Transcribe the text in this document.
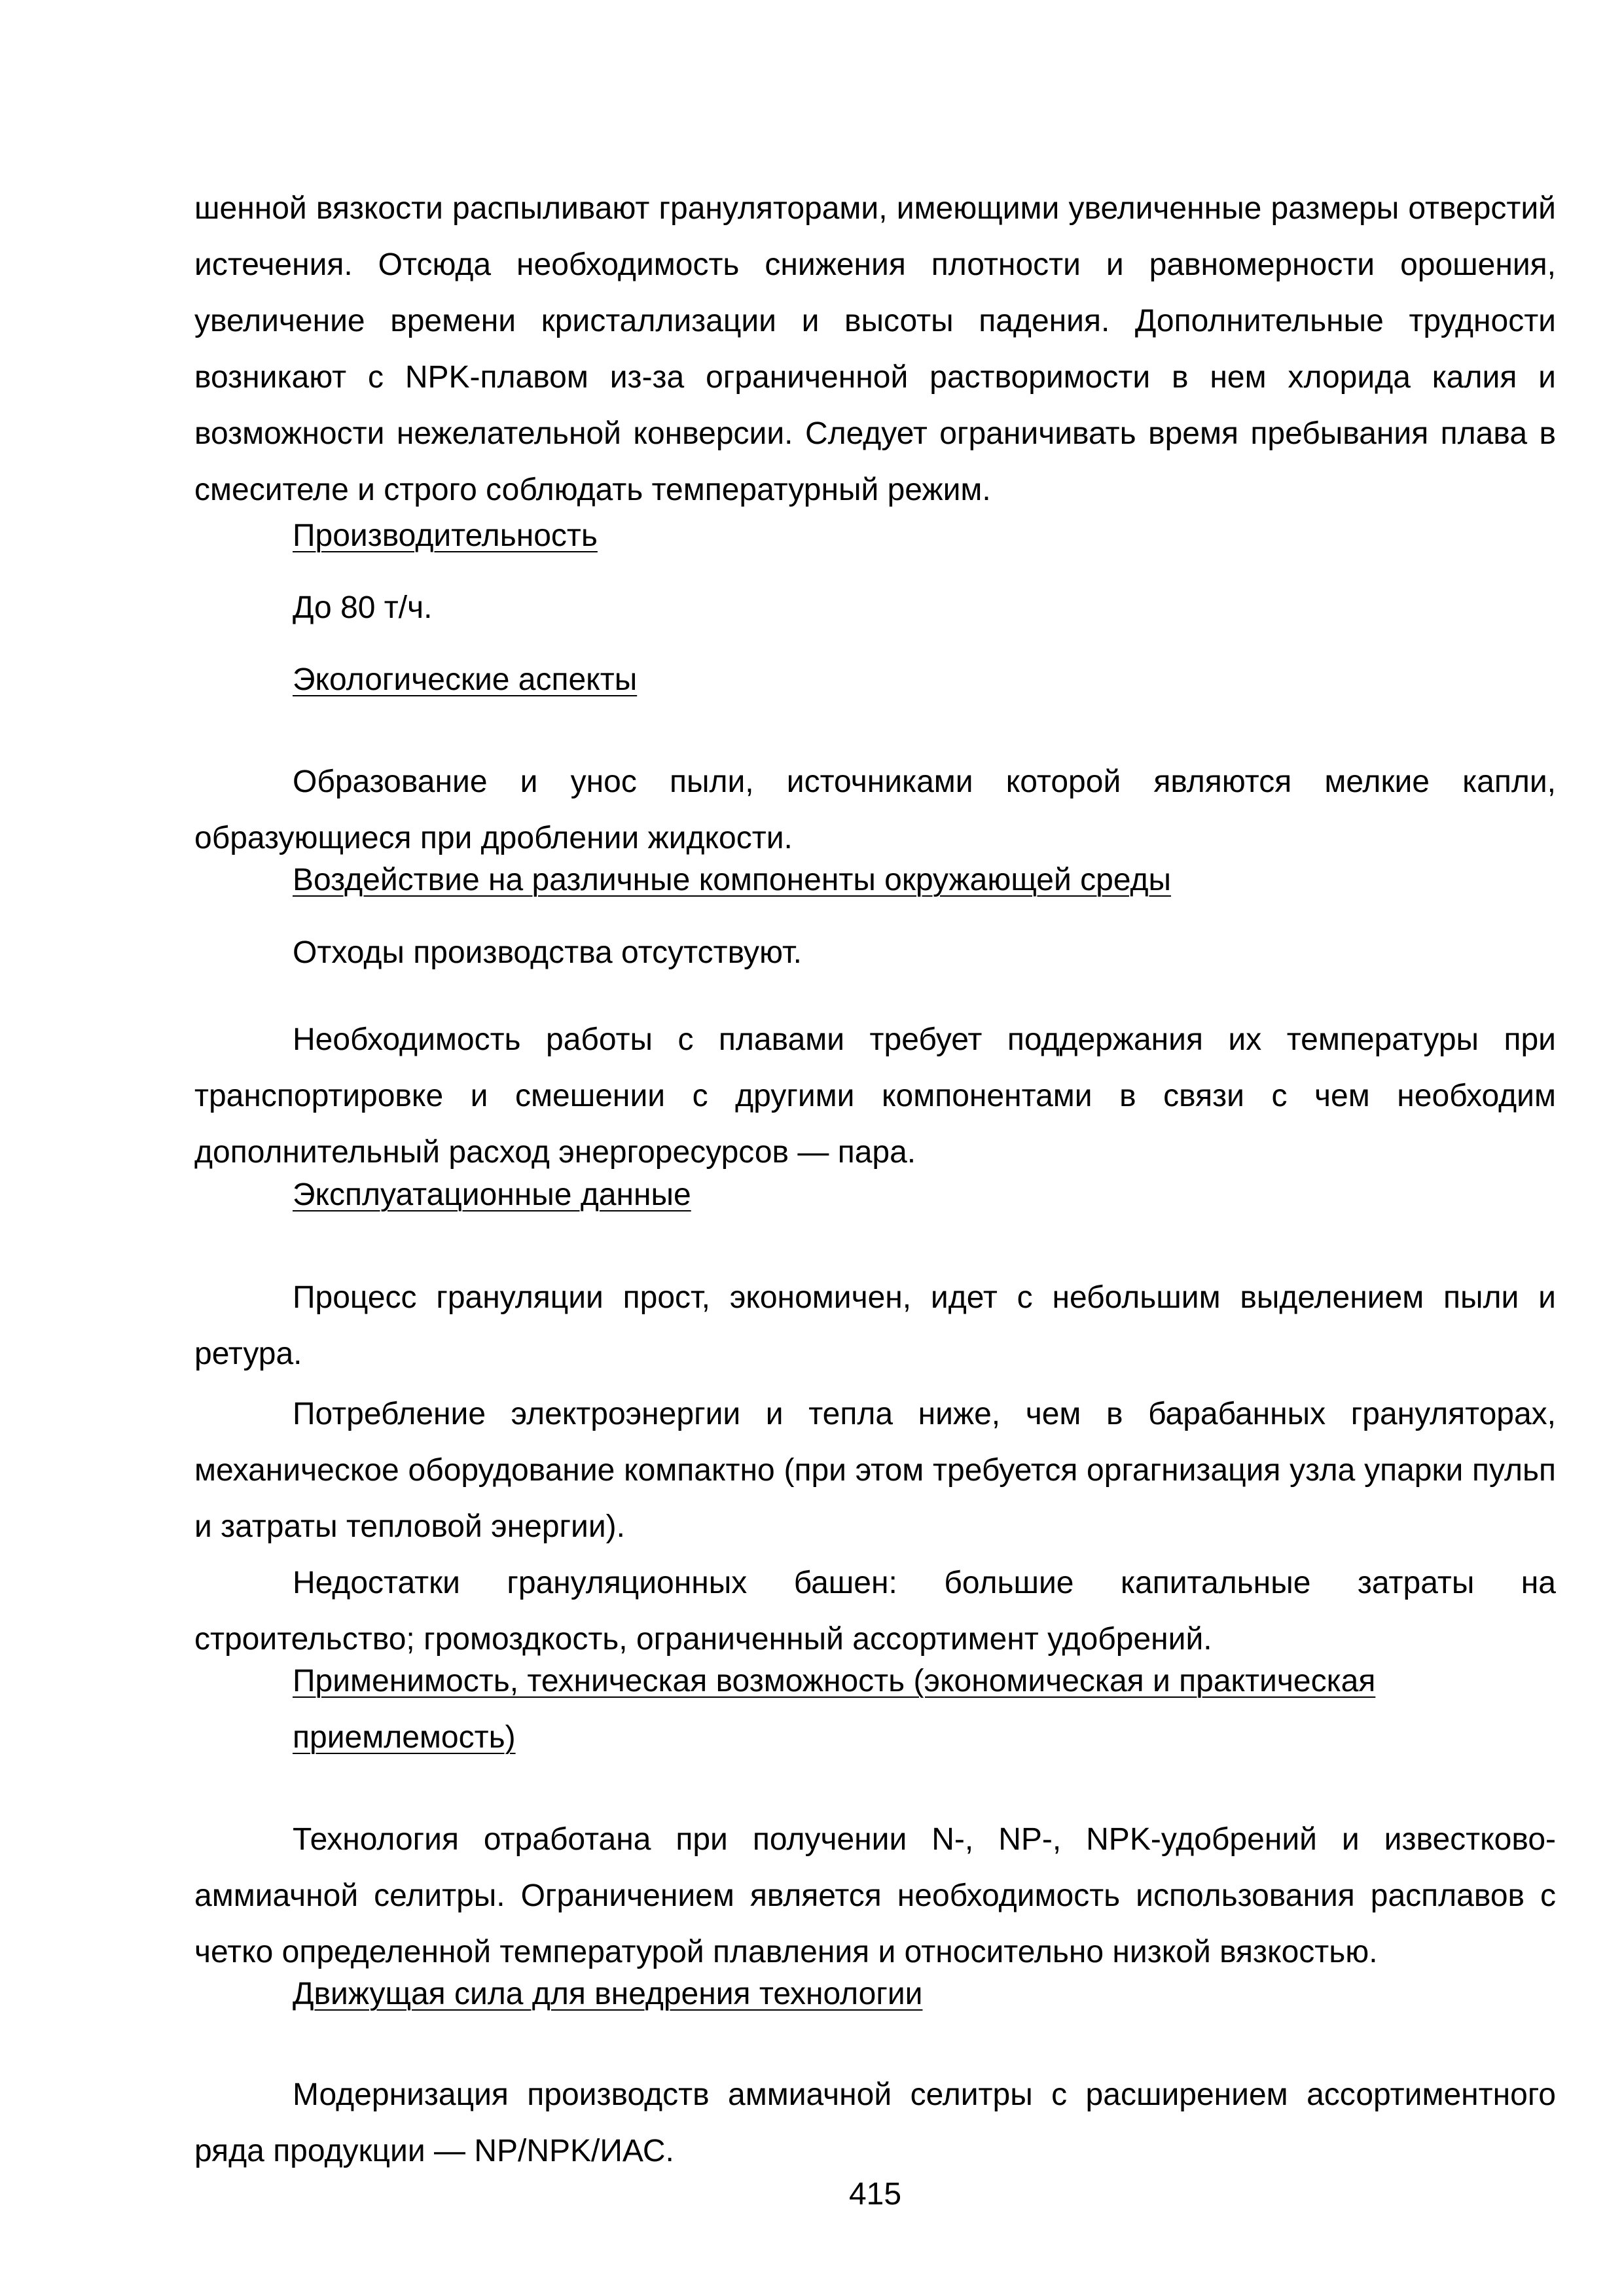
шенной вязкости распыливают грануляторами, имеющими увеличенные размеры отверстий истечения. Отсюда необходимость снижения плотности и равномерности орошения, увеличение времени кристаллизации и высоты падения. Дополнительные трудности возникают с NPK-плавом из-за ограниченной растворимости в нем хлорида калия и возможности нежелательной конверсии. Следует ограничивать время пребывания плава в смесителе и строго соблюдать температурный режим.

Производительность
До 80 т/ч.
Экологические аспекты

Образование и унос пыли, источниками которой являются мелкие капли, образующиеся при дроблении жидкости.

Воздействие на различные компоненты окружающей среды
Отходы производства отсутствуют.

Необходимость работы с плавами требует поддержания их температуры при транспортировке и смешении с другими компонентами в связи с чем необходим дополнительный расход энергоресурсов — пара.

Эксплуатационные данные

Процесс грануляции прост, экономичен, идет с небольшим выделением пыли и ретура.

Потребление электроэнергии и тепла ниже, чем в барабанных грануляторах, механическое оборудование компактно (при этом требуется оргагнизация узла упарки пульп и затраты тепловой энергии).

Недостатки грануляционных башен: большие капитальные затраты на строительство; громоздкость, ограниченный ассортимент удобрений.

Применимость, техническая возможность (экономическая и практическая
приемлемость)

Технология отработана при получении N-, NP-, NPK-удобрений и известково-аммиачной селитры. Ограничением является необходимость использования расплавов с четко определенной температурой плавления и относительно низкой вязкостью.

Движущая сила для внедрения технологии

Модернизация производств аммиачной селитры с расширением ассортиментного ряда продукции — NP/NPK/ИАС.

415
